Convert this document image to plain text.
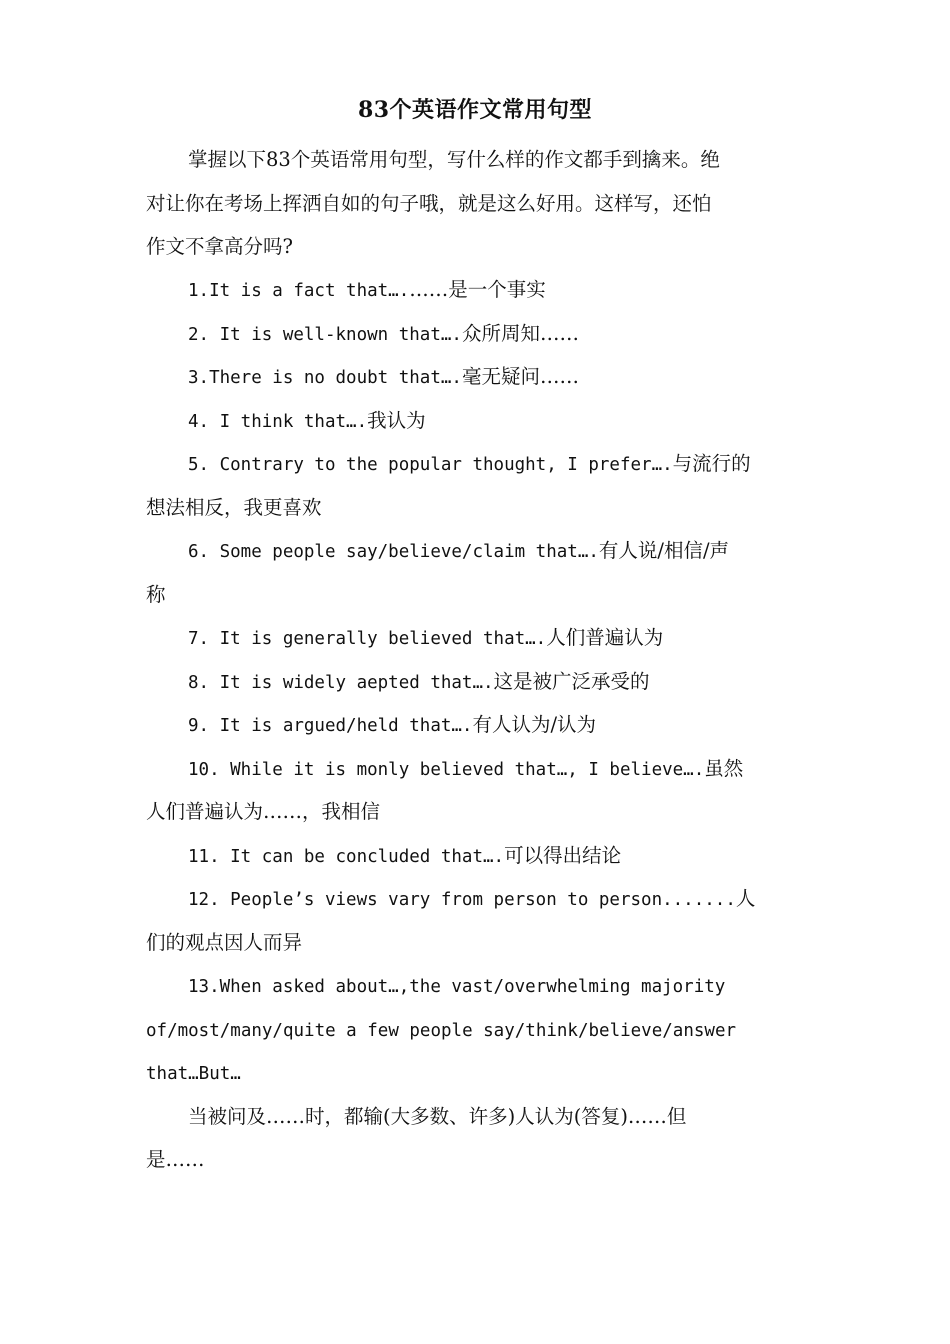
83个英语作文常用句型
掌握以下83个英语常用句型，写什么样的作文都手到擒来。绝
对让你在考场上挥洒自如的句子哦，就是这么好用。这样写，还怕
作文不拿高分吗?
1.It is a fact that….……是一个事实
2. It is well-known that….众所周知……
3.There is no doubt that….毫无疑问……
4. I think that….我认为
5. Contrary to the popular thought, I prefer….与流行的
想法相反，我更喜欢
6. Some people say/believe/claim that….有人说/相信/声
称
7. It is generally believed that….人们普遍认为
8. It is widely aepted that….这是被广泛承受的
9. It is argued/held that….有人认为/认为
10. While it is monly believed that…, I believe….虽然
人们普遍认为……，我相信
11. It can be concluded that….可以得出结论
12. People’s views vary from person to person.......人
们的观点因人而异
13.When asked about…,the vast/overwhelming majority
of/most/many/quite a few people say/think/believe/answer
that…But…
当被问及……时，都输(大多数、许多)人认为(答复)……但
是……
